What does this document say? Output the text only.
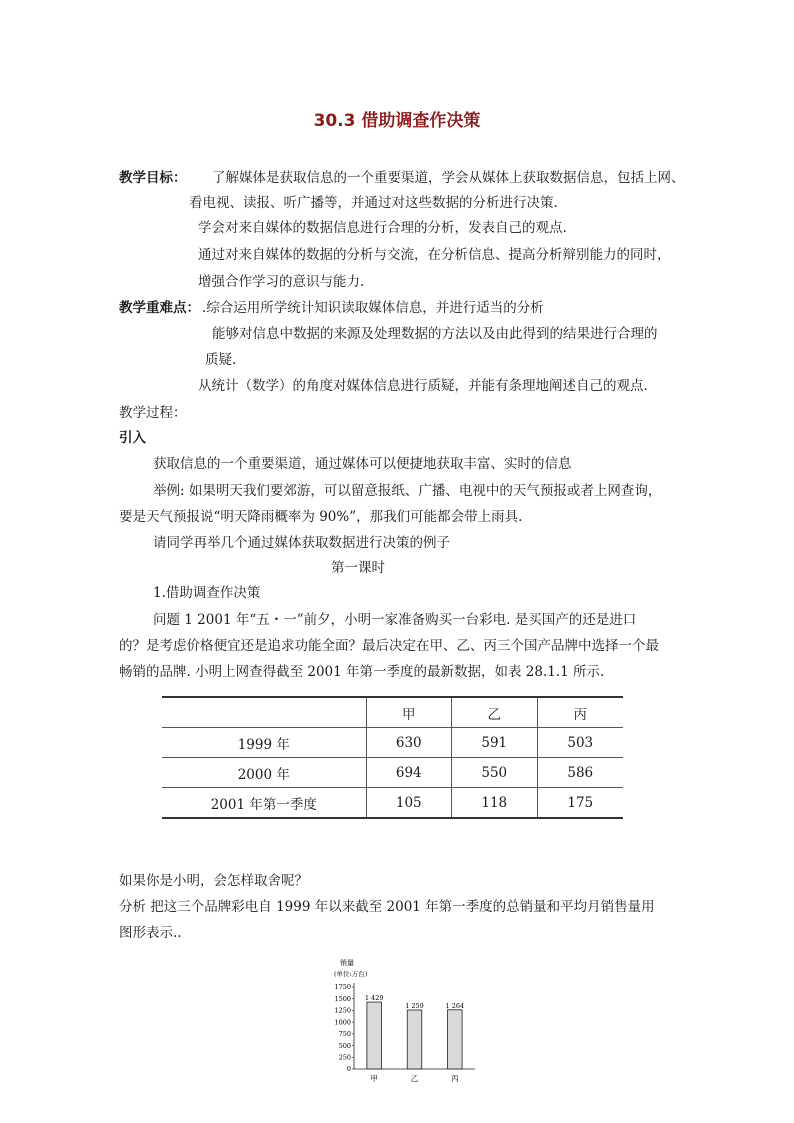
30.3 借助调查作决策
教学目标： 了解媒体是获取信息的一个重要渠道，学会从媒体上获取数据信息，包括上网、
看电视、读报、听广播等，并通过对这些数据的分析进行决策.
学会对来自媒体的数据信息进行合理的分析，发表自己的观点.
通过对来自媒体的数据的分析与交流，在分析信息、提高分析辩别能力的同时，
增强合作学习的意识与能力.
教学重难点： .综合运用所学统计知识读取媒体信息，并进行适当的分析
能够对信息中数据的来源及处理数据的方法以及由此得到的结果进行合理的
质疑.
从统计（数学）的角度对媒体信息进行质疑，并能有条理地阐述自己的观点.
教学过程：
引入
获取信息的一个重要渠道，通过媒体可以便捷地获取丰富、实时的信息
举例: 如果明天我们要郊游，可以留意报纸、广播、电视中的天气预报或者上网查询，
要是天气预报说“明天降雨概率为 90%”，那我们可能都会带上雨具.
请同学再举几个通过媒体获取数据进行决策的例子
第一课时
1.借助调查作决策
问题 1 2001 年“五・一”前夕，小明一家准备购买一台彩电. 是买国产的还是进口
的？是考虑价格便宜还是追求功能全面？最后决定在甲、乙、丙三个国产品牌中选择一个最
畅销的品牌. 小明上网查得截至 2001 年第一季度的最新数据，如表 28.1.1 所示.
	甲	乙	丙
1999 年	630	591	503
2000 年	694	550	586
2001 年第一季度	105	118	175
如果你是小明，会怎样取舍呢？
分析 把这三个品牌彩电自 1999 年以来截至 2001 年第一季度的总销量和平均月销售量用
图形表示..
销量
(单位:万台)
0
250
500
750
1000
1250
1500
1750
1 429
甲
1 259
乙
1 264
丙
